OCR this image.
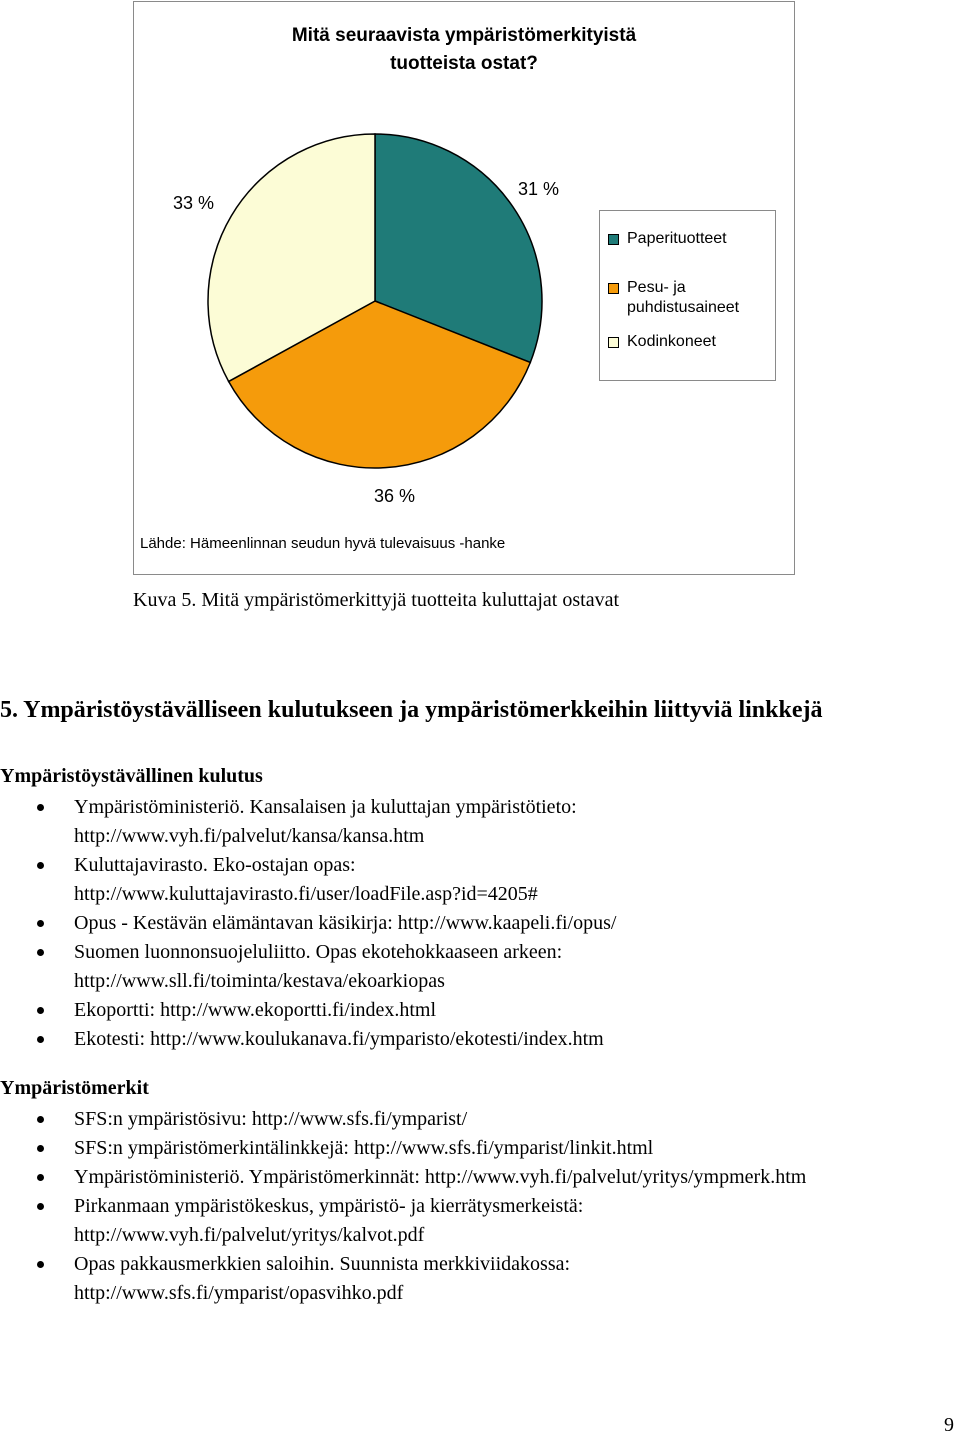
Mitä seuraavista ympäristömerkityistä
tuotteista ostat?
31 %
36 %
33 %
Paperituotteet
Pesu- ja
puhdistusaineet
Kodinkoneet
Lähde: Hämeenlinnan seudun hyvä tulevaisuus -hanke
Kuva 5. Mitä ympäristömerkittyjä tuotteita kuluttajat ostavat
5. Ympäristöystävälliseen kulutukseen ja ympäristömerkkeihin liittyviä linkkejä
Ympäristöystävällinen kulutus
Ympäristöministeriö. Kansalaisen ja kuluttajan ympäristötieto:
http://www.vyh.fi/palvelut/kansa/kansa.htm
Kuluttajavirasto. Eko-ostajan opas:
http://www.kuluttajavirasto.fi/user/loadFile.asp?id=4205#
Opus - Kestävän elämäntavan käsikirja: http://www.kaapeli.fi/opus/
Suomen luonnonsuojeluliitto. Opas ekotehokkaaseen arkeen:
http://www.sll.fi/toiminta/kestava/ekoarkiopas
Ekoportti: http://www.ekoportti.fi/index.html
Ekotesti: http://www.koulukanava.fi/ymparisto/ekotesti/index.htm
Ympäristömerkit
SFS:n ympäristösivu: http://www.sfs.fi/ymparist/
SFS:n ympäristömerkintälinkkejä: http://www.sfs.fi/ymparist/linkit.html
Ympäristöministeriö. Ympäristömerkinnät: http://www.vyh.fi/palvelut/yritys/ympmerk.htm
Pirkanmaan ympäristökeskus, ympäristö- ja kierrätysmerkeistä:
http://www.vyh.fi/palvelut/yritys/kalvot.pdf
Opas pakkausmerkkien saloihin. Suunnista merkkiviidakossa:
http://www.sfs.fi/ymparist/opasvihko.pdf
9
